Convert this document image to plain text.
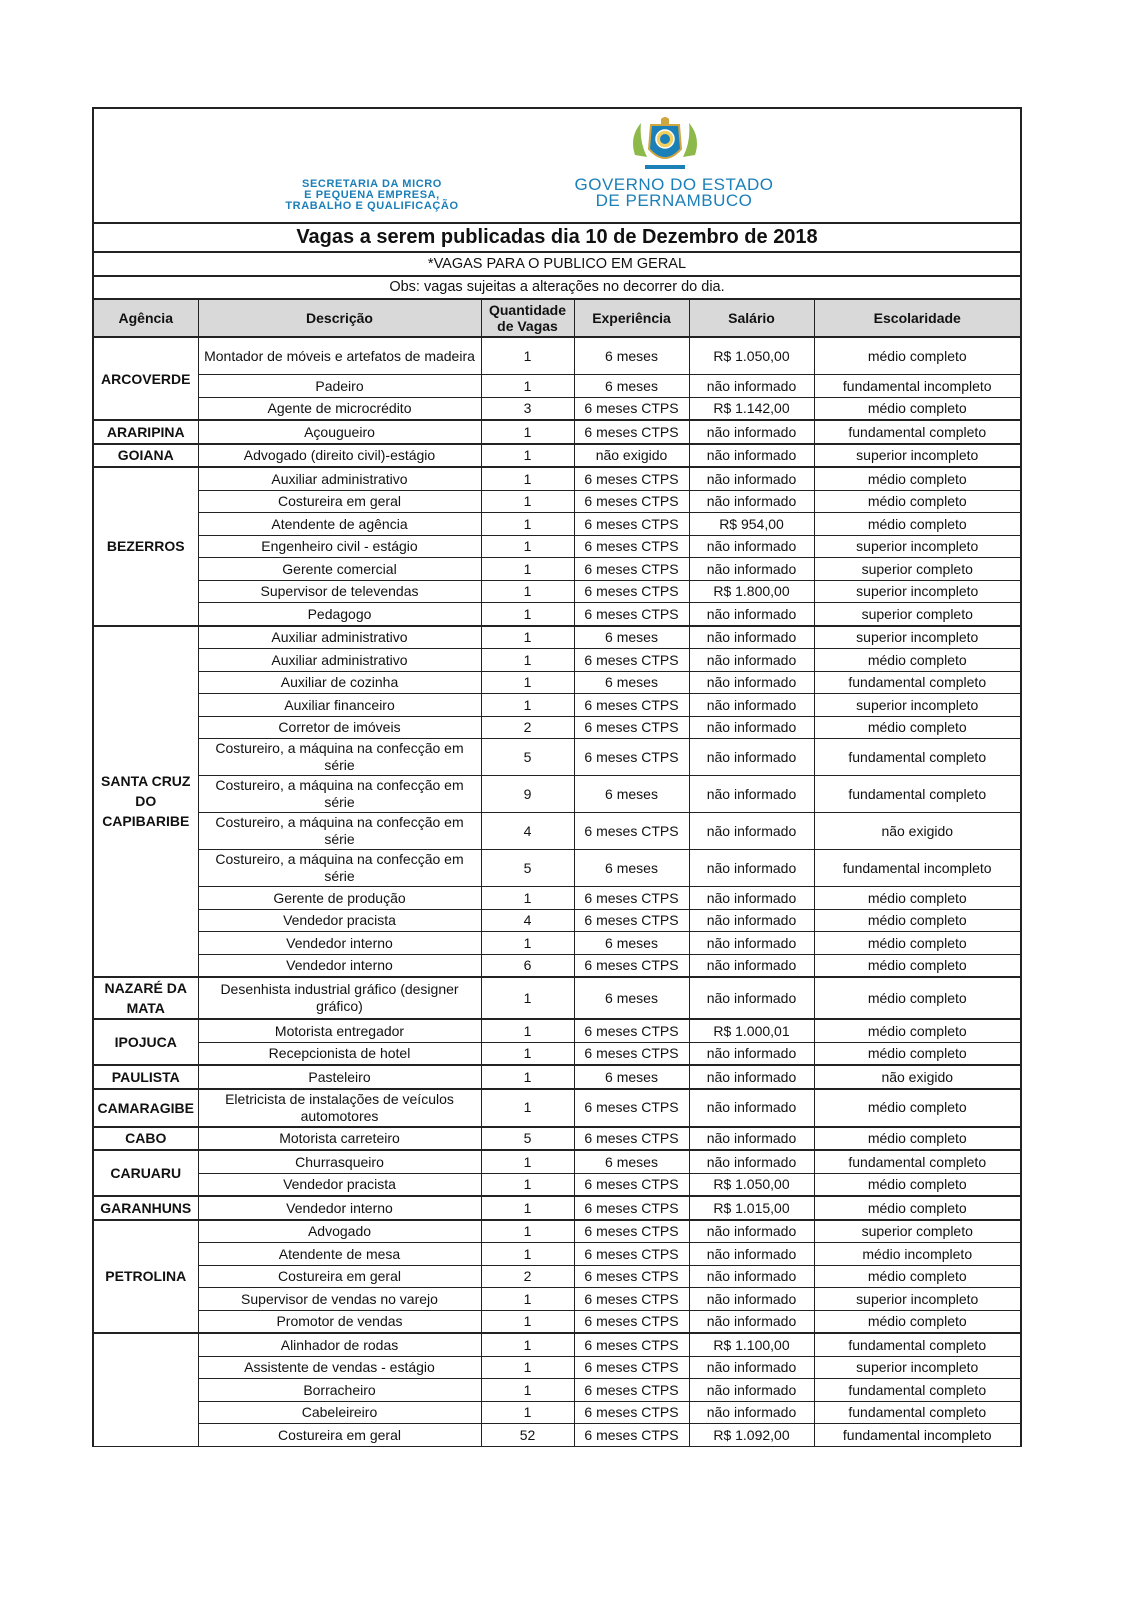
SECRETARIA DA MICRO
E PEQUENA EMPRESA,
TRABALHO E QUALIFICAÇÃO
GOVERNO DO ESTADO
DE PERNAMBUCO
Vagas a serem publicadas dia 10 de Dezembro de 2018
*VAGAS PARA O PUBLICO EM GERAL
Obs: vagas sujeitas a alterações no decorrer do dia.
Agência	Descrição	Quantidade de Vagas	Experiência	Salário	Escolaridade
ARCOVERDE	Montador de móveis e artefatos de madeira	1	6 meses	R$ 1.050,00	médio completo
	Padeiro	1	6 meses	não informado	fundamental incompleto
	Agente de microcrédito	3	6 meses CTPS	R$ 1.142,00	médio completo
ARARIPINA	Açougueiro	1	6 meses CTPS	não informado	fundamental completo
GOIANA	Advogado (direito civil)-estágio	1	não exigido	não informado	superior incompleto
BEZERROS	Auxiliar administrativo	1	6 meses CTPS	não informado	médio completo
	Costureira em geral	1	6 meses CTPS	não informado	médio completo
	Atendente de agência	1	6 meses CTPS	R$ 954,00	médio completo
	Engenheiro civil - estágio	1	6 meses CTPS	não informado	superior incompleto
	Gerente comercial	1	6 meses CTPS	não informado	superior completo
	Supervisor de televendas	1	6 meses CTPS	R$ 1.800,00	superior incompleto
	Pedagogo	1	6 meses CTPS	não informado	superior completo
SANTA CRUZ DO CAPIBARIBE	Auxiliar administrativo	1	6 meses	não informado	superior incompleto
	Auxiliar administrativo	1	6 meses CTPS	não informado	médio completo
	Auxiliar de cozinha	1	6 meses	não informado	fundamental completo
	Auxiliar financeiro	1	6 meses CTPS	não informado	superior incompleto
	Corretor de imóveis	2	6 meses CTPS	não informado	médio completo
	Costureiro, a máquina na confecção em série	5	6 meses CTPS	não informado	fundamental completo
	Costureiro, a máquina na confecção em série	9	6 meses	não informado	fundamental completo
	Costureiro, a máquina na confecção em série	4	6 meses CTPS	não informado	não exigido
	Costureiro, a máquina na confecção em série	5	6 meses	não informado	fundamental incompleto
	Gerente de produção	1	6 meses CTPS	não informado	médio completo
	Vendedor pracista	4	6 meses CTPS	não informado	médio completo
	Vendedor interno	1	6 meses	não informado	médio completo
	Vendedor interno	6	6 meses CTPS	não informado	médio completo
NAZARÉ DA MATA	Desenhista industrial gráfico (designer gráfico)	1	6 meses	não informado	médio completo
IPOJUCA	Motorista entregador	1	6 meses CTPS	R$ 1.000,01	médio completo
	Recepcionista de hotel	1	6 meses CTPS	não informado	médio completo
PAULISTA	Pasteleiro	1	6 meses	não informado	não exigido
CAMARAGIBE	Eletricista de instalações de veículos automotores	1	6 meses CTPS	não informado	médio completo
CABO	Motorista carreteiro	5	6 meses CTPS	não informado	médio completo
CARUARU	Churrasqueiro	1	6 meses	não informado	fundamental completo
	Vendedor pracista	1	6 meses CTPS	R$ 1.050,00	médio completo
GARANHUNS	Vendedor interno	1	6 meses CTPS	R$ 1.015,00	médio completo
PETROLINA	Advogado	1	6 meses CTPS	não informado	superior completo
	Atendente de mesa	1	6 meses CTPS	não informado	médio incompleto
	Costureira em geral	2	6 meses CTPS	não informado	médio completo
	Supervisor de vendas no varejo	1	6 meses CTPS	não informado	superior incompleto
	Promotor de vendas	1	6 meses CTPS	não informado	médio completo
	Alinhador de rodas	1	6 meses CTPS	R$ 1.100,00	fundamental completo
	Assistente de vendas - estágio	1	6 meses CTPS	não informado	superior incompleto
	Borracheiro	1	6 meses CTPS	não informado	fundamental completo
	Cabeleireiro	1	6 meses CTPS	não informado	fundamental completo
	Costureira em geral	52	6 meses CTPS	R$ 1.092,00	fundamental incompleto
